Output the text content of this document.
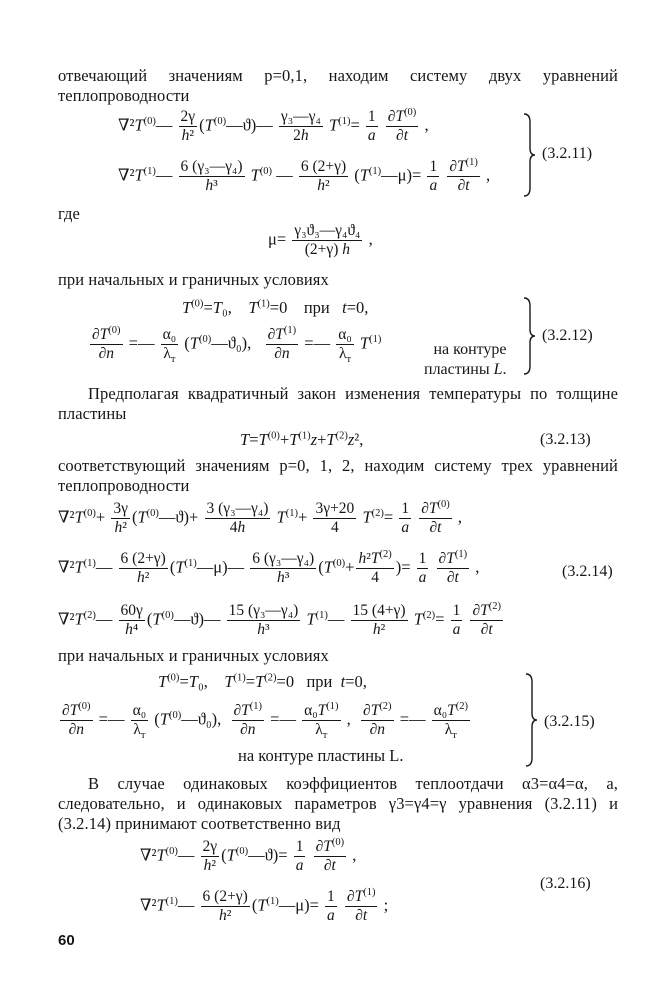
отвечающий значениям p=0,1, находим систему двух уравнений теплопроводности

$\nabla^2T^{(0)}— \frac{2\gamma}{\text{h²}}$ $(T^{(0)}—ϑ)— \frac{\text{γ₃—γ₄}}{2h} T^{(1)}= \frac{1}{a}$
$\frac{\partial T^{(0)}}{\partial t}$ ,
$\nabla^2T^{(1)}— \frac{\text{6 (γ₃—γ₄)}}{\text{h³}} T^{(0)}$ — $\frac{6 (2+\gamma)}{\text{h²}}$ $(T^{(1)}—\mu)= \frac{1}{a}$
$\frac{\partial T^{(1)}}{\partial t}$ ,
(3.2.11)

где

$\mu= \frac{\text{γ₃ϑ₃—γ₄ϑ₄}}{(2+\gamma) h}$ ,

при начальных и граничных условиях

$T^{(0)}=T_0$,    $T^{(1)}=0$    при   t=0,
$\frac{\partial T^{(0)}}{\partial n}$ =— $\frac{\text{α₀}}{\lambda_т}$ $(T^{(0)}—ϑ_0)$, $\frac{\partial T^{(1)}}{\partial n}$ =— $\frac{\text{α₀}}{\lambda_т} T^{(1)}$
на контуре
пластины L.
(3.2.12)

Предполагая квадратичный закон изменения температуры по толщине пластины

$T=T^{(0)}+T^{(1)}z+T^{(2)}z^2$,	(3.2.13)

соответствующий значениям p=0, 1, 2, находим систему трех уравнений теплопроводности

$\nabla^2T^{(0)}+ \frac{3\gamma}{\text{h²}}$ $(T^{(0)}—ϑ)+ \frac{\text{3 (γ₃—γ₄)}}{4h} T^{(1)}+ \frac{3\gamma+20}{4} T^{(2)}= \frac{1}{a}$
$\frac{\partial T^{(0)}}{\partial t}$ ,
$\nabla^2T^{(1)}— \frac{6 (2+\gamma)}{\text{h²}}$ $(T^{(1)}—\mu)— \frac{\text{6 (γ₃—γ₄)}}{\text{h³}} (T^{(0)}+ \frac{h^2T^{(2)}}{4}$ )= $\frac{1}{a}$
$\frac{\partial T^{(1)}}{\partial t}$ ,	(3.2.14)
$\nabla^2T^{(2)}— \frac{60\gamma}{\text{h⁴}}$ $(T^{(0)}—ϑ)— \frac{\text{15 (γ₃—γ₄)}}{\text{h³}}$ $T^{(1)}— \frac{15 (4+\gamma)}{\text{h²}} T^{(2)}= \frac{1}{a}$
$\frac{\partial T^{(2)}}{\partial t}$

при начальных и граничных условиях

$T^{(0)}=T_0$,    $T^{(1)}=T^{(2)}=0$   при  t=0,
$\frac{\partial T^{(0)}}{\partial n}$ =— $\frac{\text{α₀}}{\lambda_т}$ $(T^{(0)}—ϑ_0)$, $\frac{\partial T^{(1)}}{\partial n}$ =— $\frac{\alpha_0T^{(1)}}{\lambda_т}$ , $\frac{\partial T^{(2)}}{\partial n}$ =— $\frac{\alpha_0T^{(2)}}{\lambda_т}$
на контуре пластины L.
(3.2.15)

В случае одинаковых коэффициентов теплоотдачи α3=α4=α, а, следовательно, и одинаковых параметров γ3=γ4=γ уравнения (3.2.11) и (3.2.14) принимают соответственно вид

$\nabla^2T^{(0)}— \frac{2\gamma}{\text{h²}}$ $(T^{(0)}—ϑ)= \frac{1}{a}$
$\frac{\partial T^{(0)}}{\partial t}$ ,
$\nabla^2T^{(1)}— \frac{6 (2+\gamma)}{\text{h²}}$ $(T^{(1)}—\mu)= \frac{1}{a}$
$\frac{\partial T^{(1)}}{\partial t}$ ;
(3.2.16)
60
